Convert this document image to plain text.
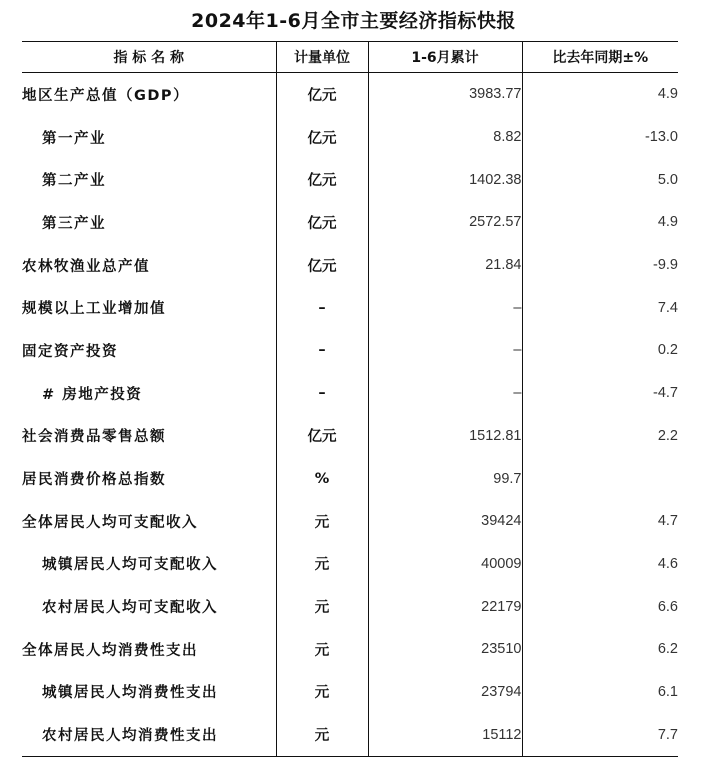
2024年1-6月全市主要经济指标快报
指 标 名 称	计量单位	1-6月累计	比去年同期±%
地区生产总值（GDP）	亿元	3983.77	4.9
第一产业	亿元	8.82	-13.0
第二产业	亿元	1402.38	5.0
第三产业	亿元	2572.57	4.9
农林牧渔业总产值	亿元	21.84	-9.9
规模以上工业增加值	–	–	7.4
固定资产投资	–	–	0.2
# 房地产投资	–	–	-4.7
社会消费品零售总额	亿元	1512.81	2.2
居民消费价格总指数	%	99.7	
全体居民人均可支配收入	元	39424	4.7
城镇居民人均可支配收入	元	40009	4.6
农村居民人均可支配收入	元	22179	6.6
全体居民人均消费性支出	元	23510	6.2
城镇居民人均消费性支出	元	23794	6.1
农村居民人均消费性支出	元	15112	7.7
